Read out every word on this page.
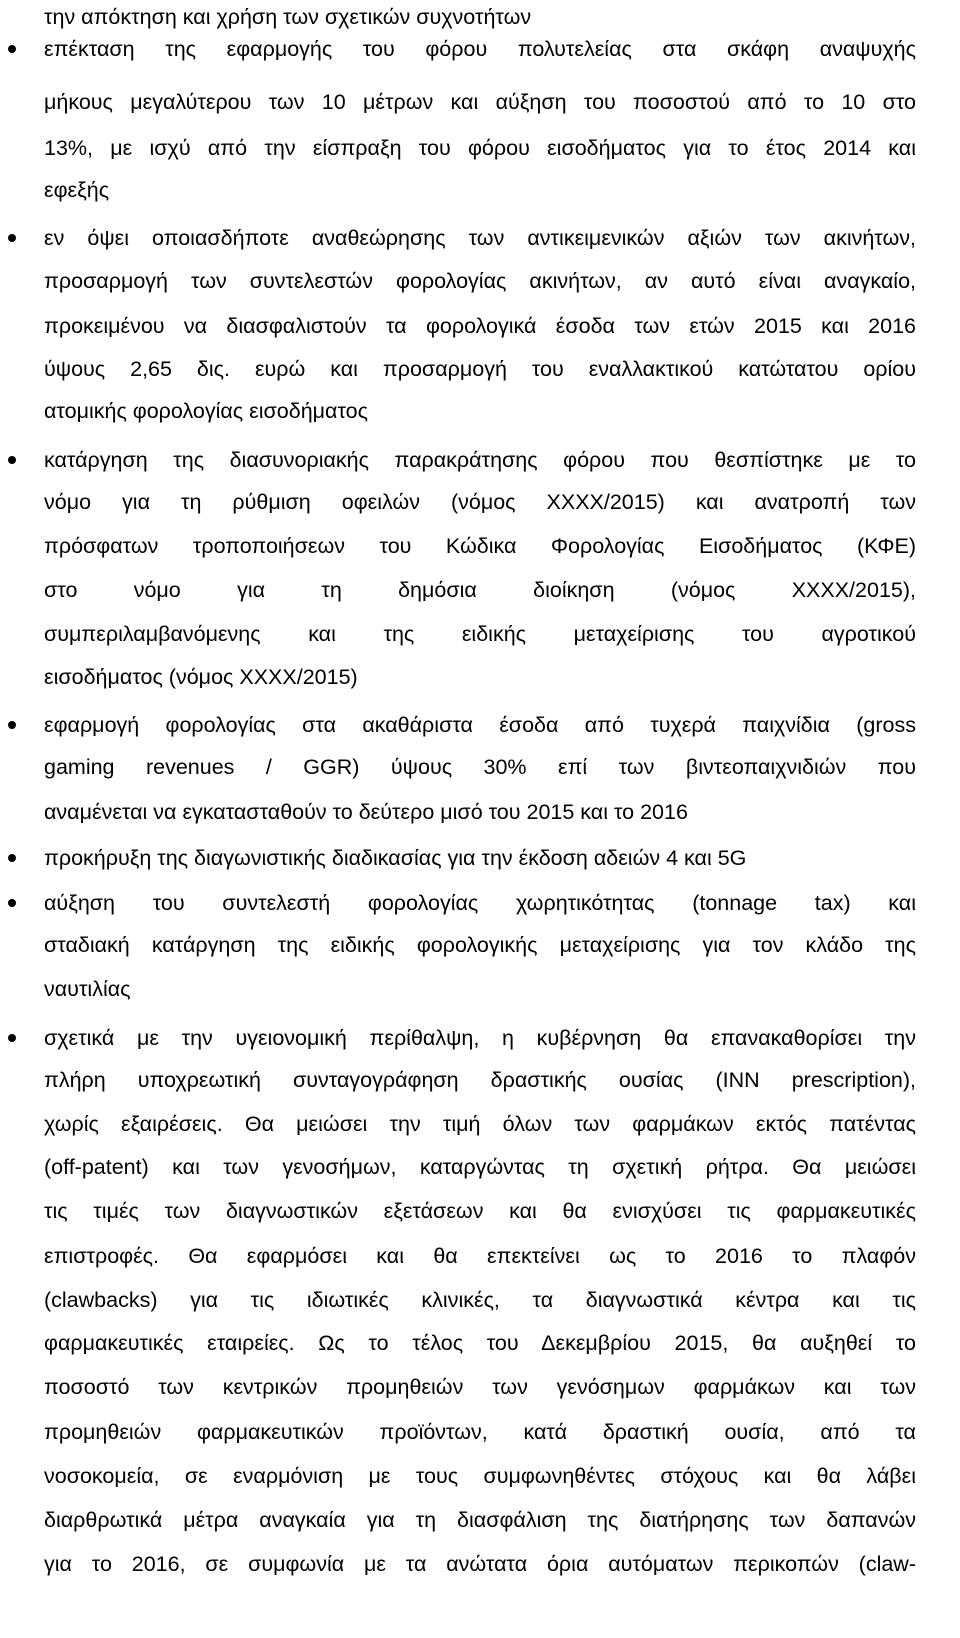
την απόκτηση και χρήση των σχετικών συχνοτήτων
επέκταση της εφαρμογής του φόρου πολυτελείας στα σκάφη αναψυχής
μήκους μεγαλύτερου των 10 μέτρων και αύξηση του ποσοστού από το 10 στο
13%, με ισχύ από την είσπραξη του φόρου εισοδήματος για το έτος 2014 και
εφεξής
εν όψει οποιασδήποτε αναθεώρησης των αντικειμενικών αξιών των ακινήτων,
προσαρμογή των συντελεστών φορολογίας ακινήτων, αν αυτό είναι αναγκαίο,
προκειμένου να διασφαλιστούν τα φορολογικά έσοδα των ετών 2015 και 2016
ύψους 2,65 δις. ευρώ και προσαρμογή του εναλλακτικού κατώτατου ορίου
ατομικής φορολογίας εισοδήματος
κατάργηση της διασυνοριακής παρακράτησης φόρου που θεσπίστηκε με το
νόμο για τη ρύθμιση οφειλών (νόμος ΧΧΧΧ/2015) και ανατροπή των
πρόσφατων τροποποιήσεων του Κώδικα Φορολογίας Εισοδήματος (ΚΦΕ)
στο νόμο για τη δημόσια διοίκηση (νόμος ΧΧΧΧ/2015),
συμπεριλαμβανόμενης και της ειδικής μεταχείρισης του αγροτικού
εισοδήματος (νόμος ΧΧΧΧ/2015)
εφαρμογή φορολογίας στα ακαθάριστα έσοδα από τυχερά παιχνίδια (gross
gaming revenues / GGR) ύψους 30% επί των βιντεοπαιχνιδιών που
αναμένεται να εγκατασταθούν το δεύτερο μισό του 2015 και το 2016
προκήρυξη της διαγωνιστικής διαδικασίας για την έκδοση αδειών 4 και 5G
αύξηση του συντελεστή φορολογίας χωρητικότητας (tonnage tax) και
σταδιακή κατάργηση της ειδικής φορολογικής μεταχείρισης για τον κλάδο της
ναυτιλίας
σχετικά με την υγειονομική περίθαλψη, η κυβέρνηση θα επανακαθορίσει την
πλήρη υποχρεωτική συνταγογράφηση δραστικής ουσίας (INN prescription),
χωρίς εξαιρέσεις. Θα μειώσει την τιμή όλων των φαρμάκων εκτός πατέντας
(off-patent) και των γενοσήμων, καταργώντας τη σχετική ρήτρα. Θα μειώσει
τις τιμές των διαγνωστικών εξετάσεων και θα ενισχύσει τις φαρμακευτικές
επιστροφές. Θα εφαρμόσει και θα επεκτείνει ως το 2016 το πλαφόν
(clawbacks) για τις ιδιωτικές κλινικές, τα διαγνωστικά κέντρα και τις
φαρμακευτικές εταιρείες. Ως το τέλος του Δεκεμβρίου 2015, θα αυξηθεί το
ποσοστό των κεντρικών προμηθειών των γενόσημων φαρμάκων και των
προμηθειών φαρμακευτικών προϊόντων, κατά δραστική ουσία, από τα
νοσοκομεία, σε εναρμόνιση με τους συμφωνηθέντες στόχους και θα λάβει
διαρθρωτικά μέτρα αναγκαία για τη διασφάλιση της διατήρησης των δαπανών
για το 2016, σε συμφωνία με τα ανώτατα όρια αυτόματων περικοπών (claw-
